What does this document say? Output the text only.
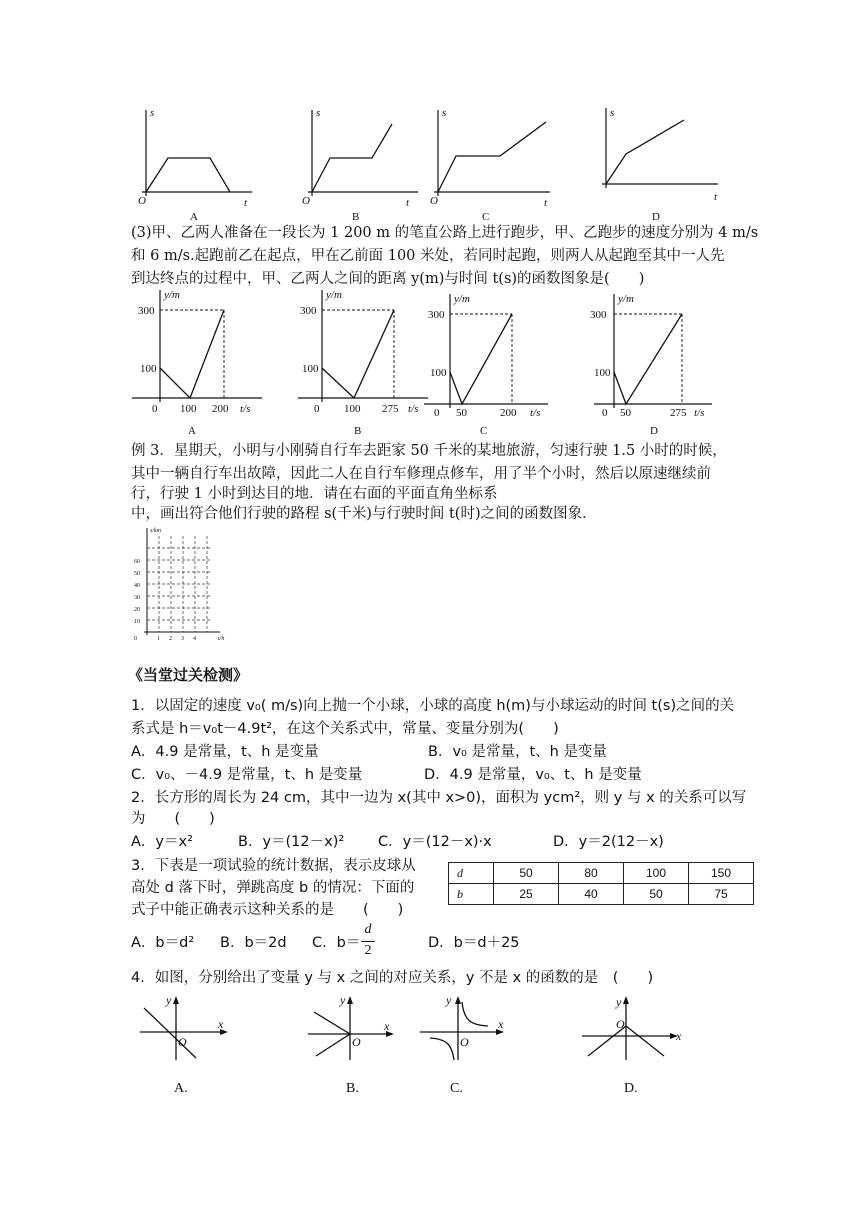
s
t
O
A
s
t
O
B
s
t
O
C
s
t
D
(3)甲、乙两人准备在一段长为 1 200 m 的笔直公路上进行跑步，甲、乙跑步的速度分别为 4 m/s
和 6 m/s.起跑前乙在起点，甲在乙前面 100 米处，若同时起跑，则两人从起跑至其中一人先
到达终点的过程中，甲、乙两人之间的距离 y(m)与时间 t(s)的函数图象是(　　)
y/m
300
100
0 100 200 t/s
A
y/m
300
100
0 100 275 t/s
B
y/m
300
100
0 50	200 t/s
C
y/m
300
100
0 50	275 t/s
D
例 3．星期天，小明与小刚骑自行车去距家 50 千米的某地旅游，匀速行驶 1.5 小时的时候，
其中一辆自行车出故障，因此二人在自行车修理点修车，用了半个小时，然后以原速继续前
行，行驶 1 小时到达目的地．请在右面的平面直角坐标系
中，画出符合他们行驶的路程 s(千米)与行驶时间 t(时)之间的函数图象．
s/km
t/h
0
10
20
30
40
50
60
1 2 3 4
《当堂过关检测》
1．以固定的速度 v₀( m/s)向上抛一个小球，小球的高度 h(m)与小球运动的时间 t(s)之间的关
系式是 h＝v₀t－4.9t²，在这个关系式中，常量、变量分别为(　　)
A．4.9 是常量，t、h 是变量	B．v₀ 是常量，t、h 是变量
C．v₀、－4.9 是常量，t、h 是变量	D．4.9 是常量，v₀、t、h 是变量
2．长方形的周长为 24 cm，其中一边为 x(其中 x>0)，面积为 ycm²，则 y 与 x 的关系可以写
为　　(　　)
A．y＝x²	B．y＝(12－x)² C．y＝(12－x)·x	D．y＝2(12－x)
3．下表是一项试验的统计数据，表示皮球从
高处 d 落下时，弹跳高度 b 的情况：下面的
式子中能正确表示这种关系的是　　(　　)
d	50	80	100	150
b	25	40	50	75
A．b＝d² B．b＝2d C．b＝
d
2	D．b＝d＋25
4．如图，分别给出了变量 y 与 x 之间的对应关系，y 不是 x 的函数的是　(　　)
y
x
O
A.
y
x
O
B.
y
x
O
C.
y
x
O
D.
